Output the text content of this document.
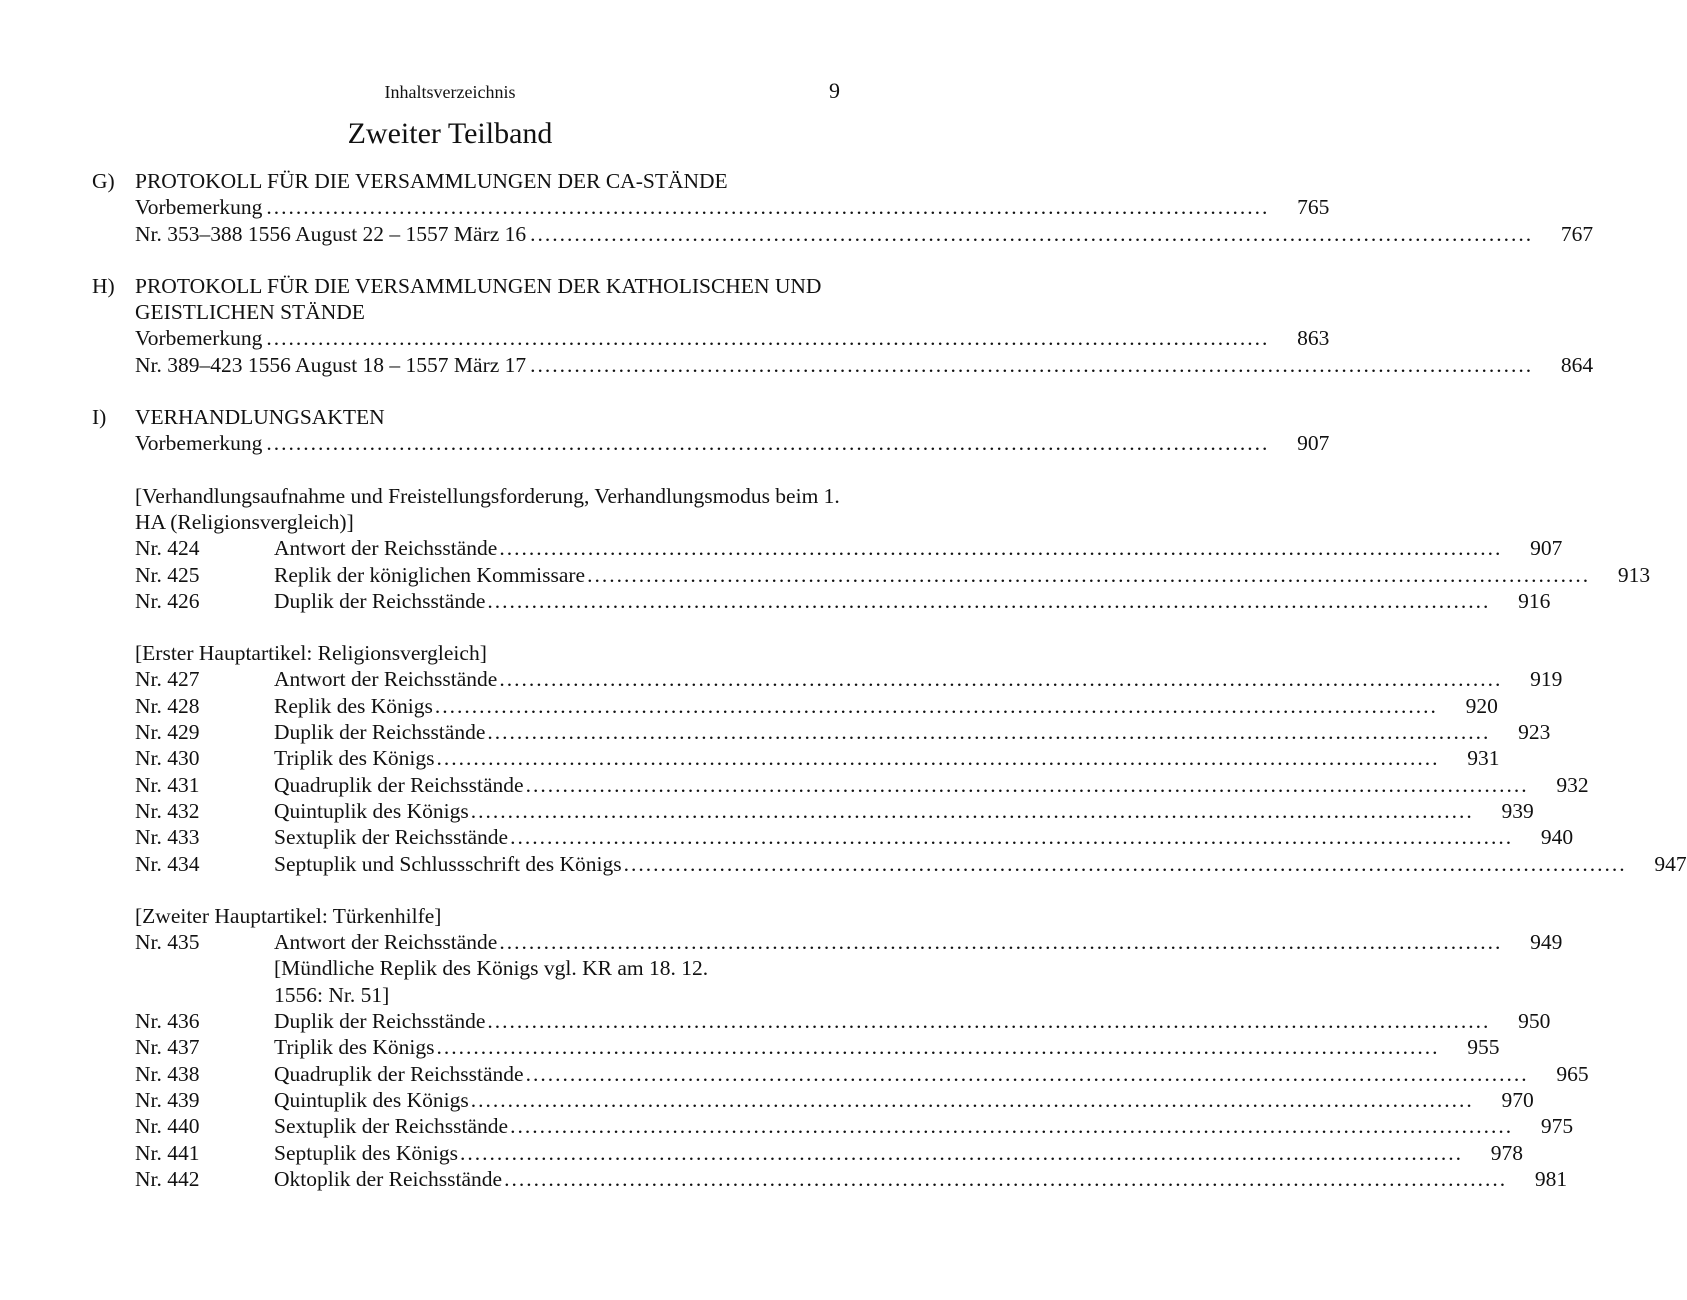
Inhaltsverzeichnis	9
Zweiter Teilband
G) PROTOKOLL FÜR DIE VERSAMMLUNGEN DER CA-STÄNDE
Vorbemerkung ........................................................................................................................................	765
Nr. 353–388 1556 August 22 – 1557 März 16 ........................................................................................................................................	767
H) PROTOKOLL FÜR DIE VERSAMMLUNGEN DER KATHOLISCHEN UND GEISTLICHEN STÄNDE
Vorbemerkung ........................................................................................................................................	863
Nr. 389–423 1556 August 18 – 1557 März 17 ........................................................................................................................................	864
I)	VERHANDLUNGSAKTEN
Vorbemerkung ........................................................................................................................................	907
[Verhandlungsaufnahme und Freistellungsforderung, Verhandlungsmodus beim 1. HA (Religionsvergleich)]
Nr. 424	Antwort der Reichsstände ........................................................................................................................................	907
Nr. 425	Replik der königlichen Kommissare ........................................................................................................................................	913
Nr. 426	Duplik der Reichsstände ........................................................................................................................................	916
[Erster Hauptartikel: Religionsvergleich]
Nr. 427	Antwort der Reichsstände ........................................................................................................................................	919
Nr. 428	Replik des Königs ........................................................................................................................................	920
Nr. 429	Duplik der Reichsstände ........................................................................................................................................	923
Nr. 430	Triplik des Königs ........................................................................................................................................	931
Nr. 431	Quadruplik der Reichsstände ........................................................................................................................................	932
Nr. 432	Quintuplik des Königs ........................................................................................................................................	939
Nr. 433	Sextuplik der Reichsstände ........................................................................................................................................	940
Nr. 434	Septuplik und Schlussschrift des Königs ........................................................................................................................................	947
[Zweiter Hauptartikel: Türkenhilfe]
Nr. 435	Antwort der Reichsstände ........................................................................................................................................	949
[Mündliche Replik des Königs vgl. KR am 18. 12. 1556: Nr. 51]
Nr. 436	Duplik der Reichsstände ........................................................................................................................................	950
Nr. 437	Triplik des Königs ........................................................................................................................................	955
Nr. 438	Quadruplik der Reichsstände ........................................................................................................................................	965
Nr. 439	Quintuplik des Königs ........................................................................................................................................	970
Nr. 440	Sextuplik der Reichsstände ........................................................................................................................................	975
Nr. 441	Septuplik des Königs ........................................................................................................................................	978
Nr. 442	Oktoplik der Reichsstände ........................................................................................................................................	981
